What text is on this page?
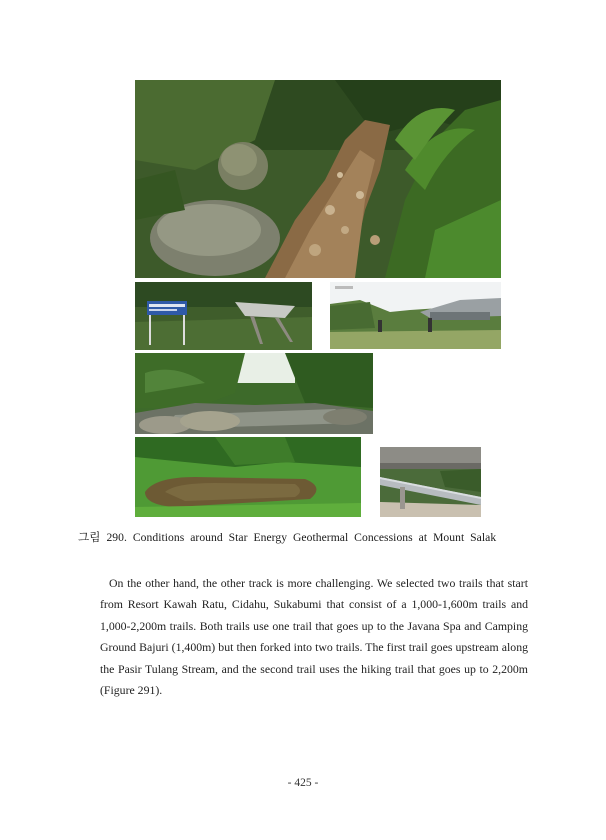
그림 290. Conditions around Star Energy Geothermal Concessions at Mount Salak

On the other hand, the other track is more challenging. We selected two trails that start from Resort Kawah Ratu, Cidahu, Sukabumi that consist of a 1,000-1,600m trails and 1,000-2,200m trails. Both trails use one trail that goes up to the Javana Spa and Camping Ground Bajuri (1,400m) but then forked into two trails. The first trail goes upstream along the Pasir Tulang Stream, and the second trail uses the hiking trail that goes up to 2,200m (Figure 291).

- 425 -
